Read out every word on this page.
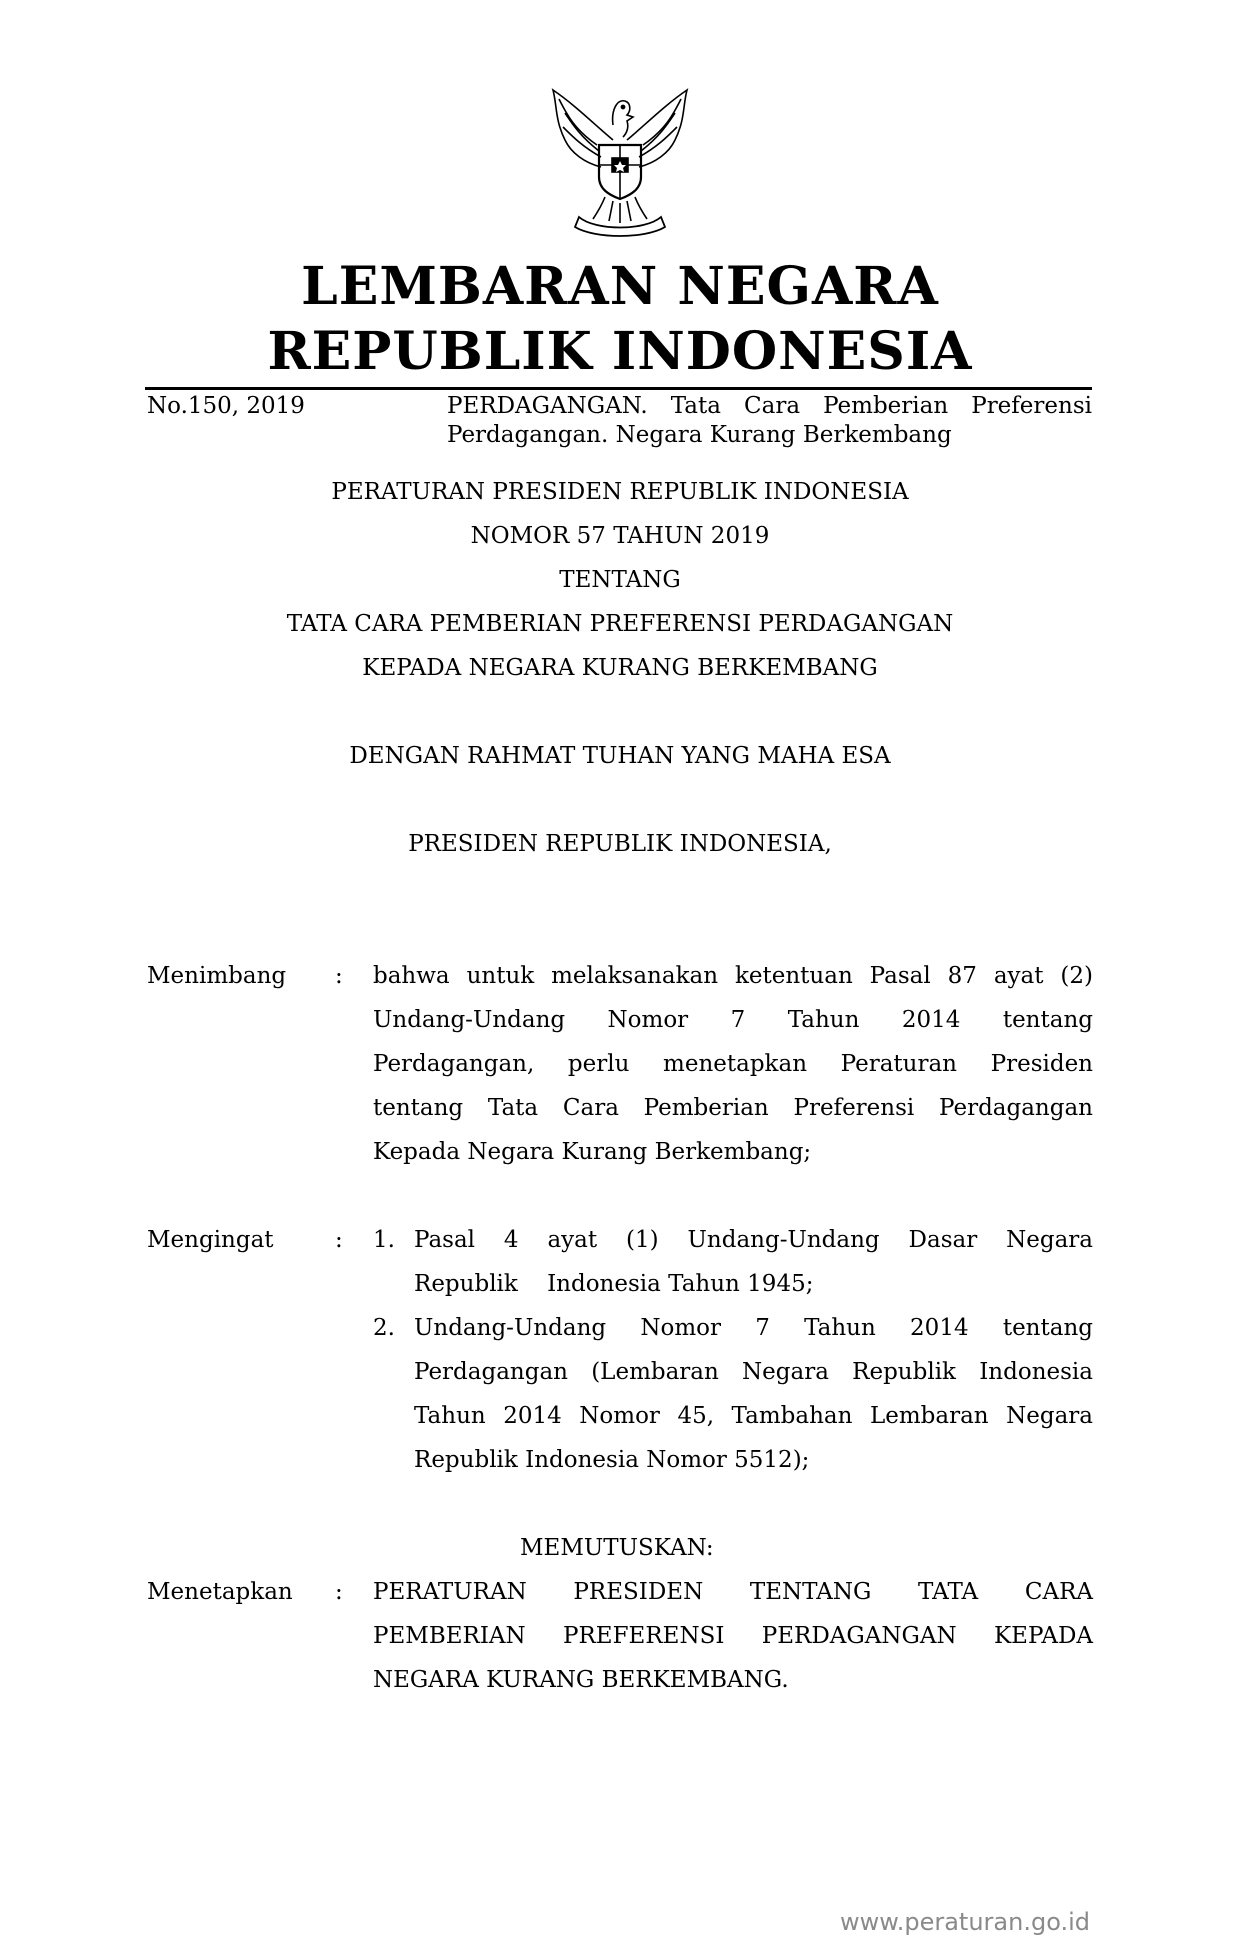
LEMBARAN NEGARA
REPUBLIK INDONESIA
No.150, 2019	PERDAGANGAN. Tata Cara Pemberian Preferensi
Perdagangan. Negara Kurang Berkembang
PERATURAN PRESIDEN REPUBLIK INDONESIA
NOMOR 57 TAHUN 2019
TENTANG
TATA CARA PEMBERIAN PREFERENSI PERDAGANGAN
KEPADA NEGARA KURANG BERKEMBANG
DENGAN RAHMAT TUHAN YANG MAHA ESA
PRESIDEN REPUBLIK INDONESIA,
Menimbang : bahwa untuk melaksanakan ketentuan Pasal 87 ayat (2)
Undang-Undang Nomor 7 Tahun 2014 tentang
Perdagangan, perlu menetapkan Peraturan Presiden
tentang Tata Cara Pemberian Preferensi Perdagangan
Kepada Negara Kurang Berkembang;
Mengingat	: 1. Pasal 4 ayat (1) Undang-Undang Dasar Negara
Republik    Indonesia Tahun 1945;
2. Undang-Undang Nomor 7 Tahun 2014 tentang
Perdagangan (Lembaran Negara Republik Indonesia
Tahun 2014 Nomor 45, Tambahan Lembaran Negara
Republik Indonesia Nomor 5512);
MEMUTUSKAN:
Menetapkan : PERATURAN PRESIDEN TENTANG TATA CARA
PEMBERIAN PREFERENSI PERDAGANGAN KEPADA
NEGARA KURANG BERKEMBANG.
www.peraturan.go.id
